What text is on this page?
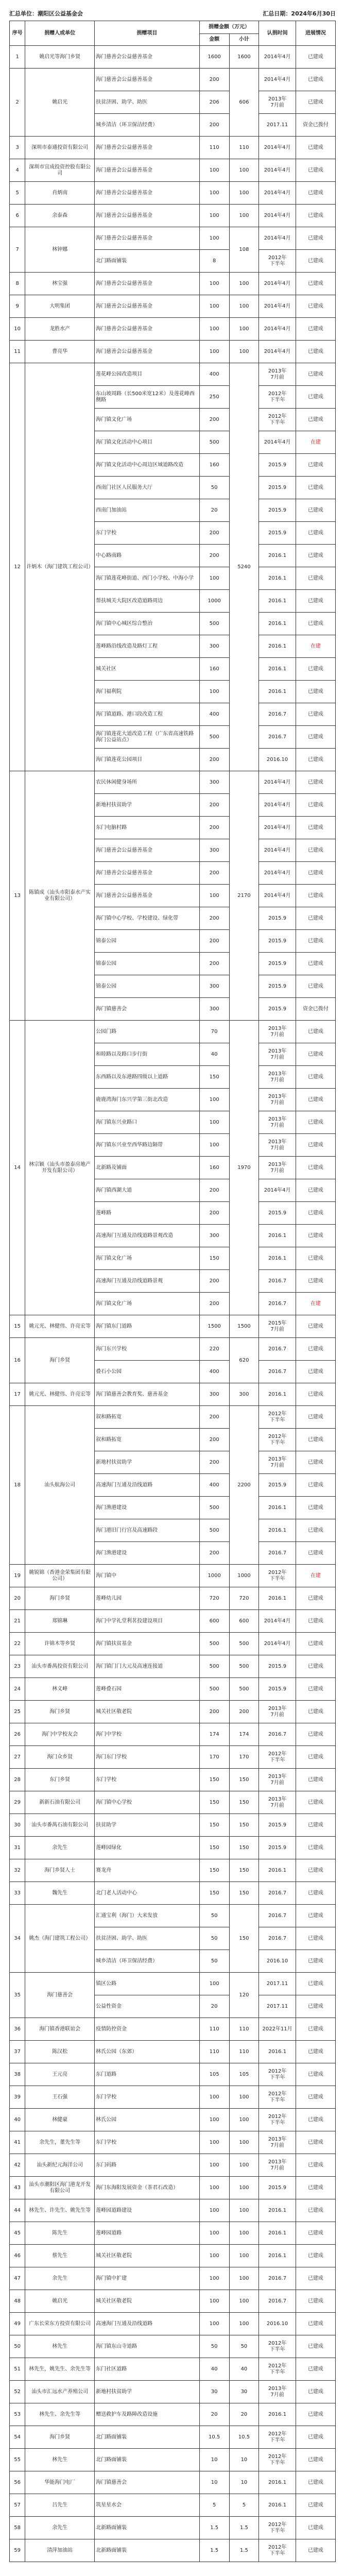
汇总单位：潮阳区公益基金会	汇总日期：2024年6月30日
序号	捐赠人或单位	捐赠项目	捐赠金额（万元）		认捐时间	进展情况
			金额	小计		
1	姚启光等海门乡贤	海门慈善会公益慈善基金	1600	1600	2014年4月	已建成
2	姚启光	海门慈善会公益慈善基金	200	606	2014年4月	已建成
		扶贫济困、助学、助医	206		2013年
7月前	已建成
		城乡清洁（环卫保洁经费）	200		2017.11	资金已拨付
3	深圳市泰通投资有限公司	海门慈善会公益慈善基金	110	110	2014年4月	已建成
4	深圳市宜成投资控股有限公司	海门慈善会公益慈善基金	100	100	2014年4月	已建成
5	肖炳南	海门慈善会公益慈善基金	100	100	2014年4月	已建成
6	余泰森	海门慈善会公益慈善基金	100	100	2014年4月	已建成
7	林钟娜	海门慈善会公益慈善基金	100	108	2014年4月	已建成
		北门路面铺装	8		2012年
下半年	已建成
8	林宝强	海门慈善会公益慈善基金	100	100	2014年4月	已建成
9	大明集团	海门慈善会公益慈善基金	100	100	2014年4月	已建成
10	龙胜水产	海门慈善会公益慈善基金	100	100	2014年4月	已建成
11	曹亮华	海门慈善会公益慈善基金	100	100	2014年4月	已建成
12	许炳木（海门建筑工程公司）	莲花峰公园改造项目	400	5240	2013年
7月前	已建成
		东山坡周路（长500米宽12米）及莲花峰西侧路	250		2012年
下半年	已建成
		海门镇文化广场	200		2012年
下半年	已建成
		海门镇文化活动中心项目	500		2014年4月	在建
		海门镇文化活动中心周边区域道路改造	160		2015.9	已建成
		西南门社区人民服务大厅	50		2015.9	已建成
		西南门加油站	20		2015.9	已建成
		东门学校	200		2015.9	已建成
		中心路南路	200		2016.1	已建成
		海门镇莲花峰街道、西门小学校、中海小学	100		2016.1	已建成
		帮扶城关大院区改造道路周边	1000		2016.1	已建成
		海门镇中心城区综合整治	500		2016.1	已建成
		莲峰路沿线改造及路灯工程	300		2016.1	在建
		城关社区	160		2016.1	已建成
		海门福利院	100		2016.1	已建成
		海门镇道路、港口段改造工程	400		2016.7	已建成
		海门镇莲花大道改造工程（广东省高速铁路海门公益站点）	500		2016.7	已建成
		海门镇莲花公园项目	200		2016.10	已建成
13	陈镇成（汕头市阳泰水产实业有限公司）	农民休闲健身场所	300	2170	2014年4月	已建成
		新地村扶贫助学	200		2014年4月	已建成
		东门电脑村路	200		2014年4月	已建成
		海门慈善会公益慈善基金	300		2014年4月	已建成
		海门慈善会公益慈善基金	200		2014年4月	已建成
		海门慈善会公益慈善基金	100		2014年4月	已建成
		海门镇中心学校、学校建设、绿化带	200		2015.9	已建成
		锦泰公园	200		2015.9	已建成
		锦泰公园	200		2015.9	已建成
		锦泰公园	300		2015.9	已建成
		海门镇慈善会	300		2015.9	资金已拨付
14	林宗颖（汕头市盈泰房地产开发有限公司）	公园门路	70	1970	2013年
7月前	已建成
		和睦路以及路口步行街	40		2013年
7月前	已建成
		东西路以及东港路四级以上道路	150		2013年
7月前	已建成
		鹿鹿湾海门东兴学第三街北改造	100		2013年
7月前	已建成
		海门镇东兴业路口	100		2013年
7月前	已建成
		海门镇东兴业至西华路边隔带	100		2013年
7月前	已建成
		北新路及铺面	160		2013年
7月前	已建成
		海门镇西湖大道	200		2014年4月	已建成
		莲峰路	200		2015.9	已建成
		高速海门互通及沿线道路景观改造	300		2016.1	已建成
		海门镇文化广场	150		2016.1	已建成
		高速海门互通及沿线道路景观	200		2016.7	已建成
		海门镇文化广场	200		2016.7	在建
15	姚元光、林健伟、许亮宏等	海门镇东门道路	1500	1500	2015年
7月前	已建成
16	海门乡贤	海门东兴学校	220	620	2016.7	已建成
		叠石小公园	400		2016.7	已建成
17	姚元光、林健伟、许亮宏等	海门镇慈善会教育奖、慈善基金	300	300	2016.1	已建成
18	汕头航海公司	叙和路拓宽	200	2200	2012年
下半年	已建成
		叙和路拓宽	200		2012年
下半年	已建成
		新地村扶贫助学	200		2013年
7月前	已建成
		高速海门互通及沿线道路	400		2015.9	已建成
		海门渔港建设	500		2016.1	已建成
		海门港旧门行宫及高速路段	500		2016.1	已建成
		海门渔港建设	200		2016.7	已建成
19	姚锐锦（香港金荣集团有限公司）	海门镇中	1000	1000	2012年
下半年	在建
20	海门乡贤	莲峰幼儿园	720	720	2016.1	已建成
21	郑锦琳	海门中学礼堂利茗投建设项目	600	600	2014年4月	已建成
22	许锦木等乡贤	海门镇扶贫基金	500	500	2014年4月	已建成
23	汕头市番禺投资有限公司	海门镇门门大元及高速连接道	500	500	2015.9	已建成
24	林义峰	莲峰叠石园	500	500	2015.9	已建成
25	海门乡贤	城关社区敬老院	200	200	2013年
7月前	已建成
26	海门中学校友会	海门中学校	174	174	2016.7	已建成
27	海门众乡贤	海门东门学校	170	170	2012年
下半年	已建成
28	东门乡贤	东门学校	150	150	2013年
7月前	已建成
29	新新石油有限公司	海门镇中心学校	150	150	2013年
7月前	已建成
30	汕头市番禺石油有限公司	扶贫助学	150	150	2015.9	已建成
31	余先生	莲峰园绿化	150	150	2015.9	已建成
32	海门乡贤人士	赛龙舟	150	150	2016.1	已建成
33	魏先生	北门老人活动中心	150	150	2016.7	已建成
34	姚杰（海门建筑工程公司）	汇通宝利（海门）大米发放	50	150	2016.7	已建成
		扶贫济困、助学、助医	50		2016.7	已建成
		城乡清洁（环卫保洁经费）	50		2016.10	已建成
35	海门慈善会	镇区公路	100	120	2017.11	已建成
		公益性资金	20		2017.11	已建成
36	海门镇香港联谊会	疫情防控资金	110	110	2022年11月	已建成
37	陈汉松	林氏公园（东郊）	110	110	2016.1	已建成
38	王元亮	东门道路	105	105	2012年
下半年	已建成
39	王石强	东门学校	100	100	2012年
下半年	已建成
40	林健豪	林氏公园	100	100	2012年
下半年	已建成
41	余先生，董先生等	东门学校	100	100	2013年
7月前	已建成
42	汕头新纪元海洋公司	东门码路	100	100	2013年
7月前	已建成
43	汕头市潮阳区海门港龙开发有限公司	海门东海阳发展资金（茶君石改造）	100	100	2015.9	已建成
44	林先生、许先生、姚先生等	莲峰园道路建设	100	100	2016.1	已建成
45	陈先生	莲峰园道路	100	100	2016.1	已建成
46	蔡先生	城关社区敬老院	100	100	2016.1	已建成
47	余先生	海门镇中扩建	100	100	2016.7	已建成
48	姚启光	城关社区敬老院	100	100	2016.7	已建成
49	广东长荣东方投资有限公司	高速海门互通及沿线道路	100	100	2016.10	已建成
50	林先生	海门镇东山寺道路	50	50	2012年
下半年	已建成
51	林先生，姚先生、余先生等	东门社区道路	40	40	2012年
下半年	已建成
52	汕头市汇远水产养殖公司	新地村扶贫助学	30	30	2013年
7月前	已建成
53	林先生、余先生等	赠送救护车及路障改造设施	20	20	2016.1	已建成
54	海门乡贤	北门路面铺装	10.5	10.5	2012年
下半年	已建成
55	林先生	北门路面铺装	10	10	2012年
下半年	已建成
56	华能海门电厂	海门镇慈善会	10	10	2016.1	已建成
57	吕先生	筑星星水会	5	5	2016.1	已建成
58	余先生	北新路面铺装	1.5	1.5	2012年
下半年	已建成
59	清萍加油站	北新路面铺装	1.5	1.5	2012年
下半年	已建成
